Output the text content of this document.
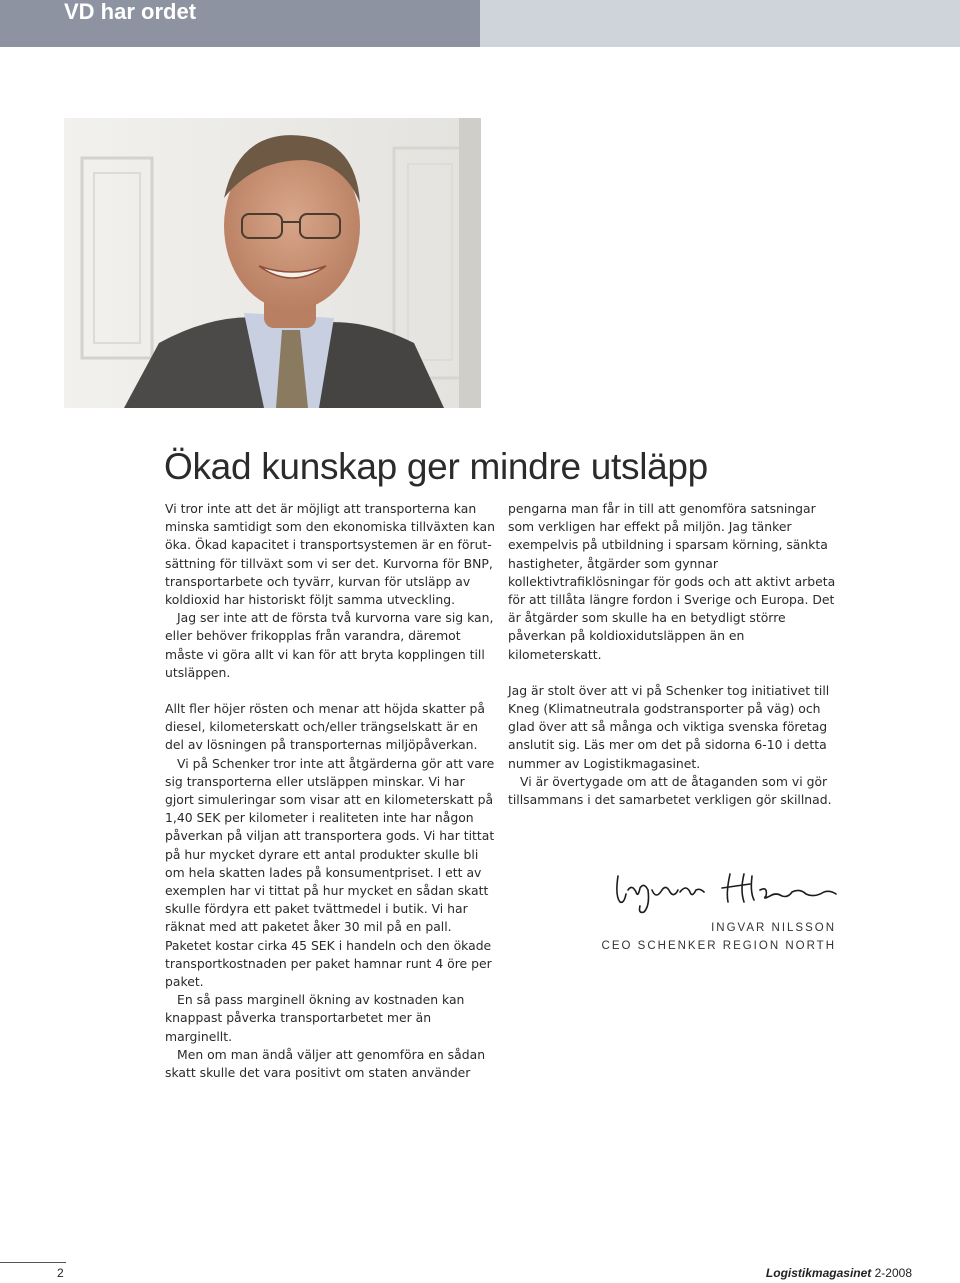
VD har ordet
Ökad kunskap ger mindre utsläpp

Vi tror inte att det är möjligt att transporterna kan minska samtidigt som den ekonomiska tillväxten kan öka. Ökad kapacitet i transportsystemen är en förutsättning för tillväxt som vi ser det. Kurvorna för BNP, transportarbete och tyvärr, kurvan för utsläpp av koldioxid har historiskt följt samma utveckling.

Jag ser inte att de första två kurvorna vare sig kan, eller behöver frikopplas från varandra, däremot måste vi göra allt vi kan för att bryta kopplingen till utsläppen.

Allt fler höjer rösten och menar att höjda skatter på diesel, kilometerskatt och/eller trängselskatt är en del av lösningen på transporternas miljöpåverkan.

Vi på Schenker tror inte att åtgärderna gör att vare sig transporterna eller utsläppen minskar. Vi har gjort simuleringar som visar att en kilometerskatt på 1,40 SEK per kilometer i realiteten inte har någon påverkan på viljan att transportera gods. Vi har tittat på hur mycket dyrare ett antal produkter skulle bli om hela skatten lades på konsumentpriset. I ett av exemplen har vi tittat på hur mycket en sådan skatt skulle fördyra ett paket tvättmedel i butik. Vi har räknat med att paketet åker 30 mil på en pall. Paketet kostar cirka 45 SEK i handeln och den ökade transportkostnaden per paket hamnar runt 4 öre per paket.

En så pass marginell ökning av kostnaden kan knappast påverka transportarbetet mer än marginellt.

Men om man ändå väljer att genomföra en sådan skatt skulle det vara positivt om staten använder

pengarna man får in till att genomföra satsningar som verkligen har effekt på miljön. Jag tänker exempelvis på utbildning i sparsam körning, sänkta hastigheter, åtgärder som gynnar kollektivtrafiklösningar för gods och att aktivt arbeta för att tillåta längre fordon i Sverige och Europa. Det är åtgärder som skulle ha en betydligt större påverkan på koldioxidutsläppen än en kilometerskatt.

Jag är stolt över att vi på Schenker tog initiativet till Kneg (Klimatneutrala godstransporter på väg) och glad över att så många och viktiga svenska företag anslutit sig. Läs mer om det på sidorna 6-10 i detta nummer av Logistikmagasinet.

Vi är övertygade om att de åtaganden som vi gör tillsammans i det samarbetet verkligen gör skillnad.

INGVAR NILSSON
CEO SCHENKER REGION NORTH
2	Logistikmagasinet 2-2008
